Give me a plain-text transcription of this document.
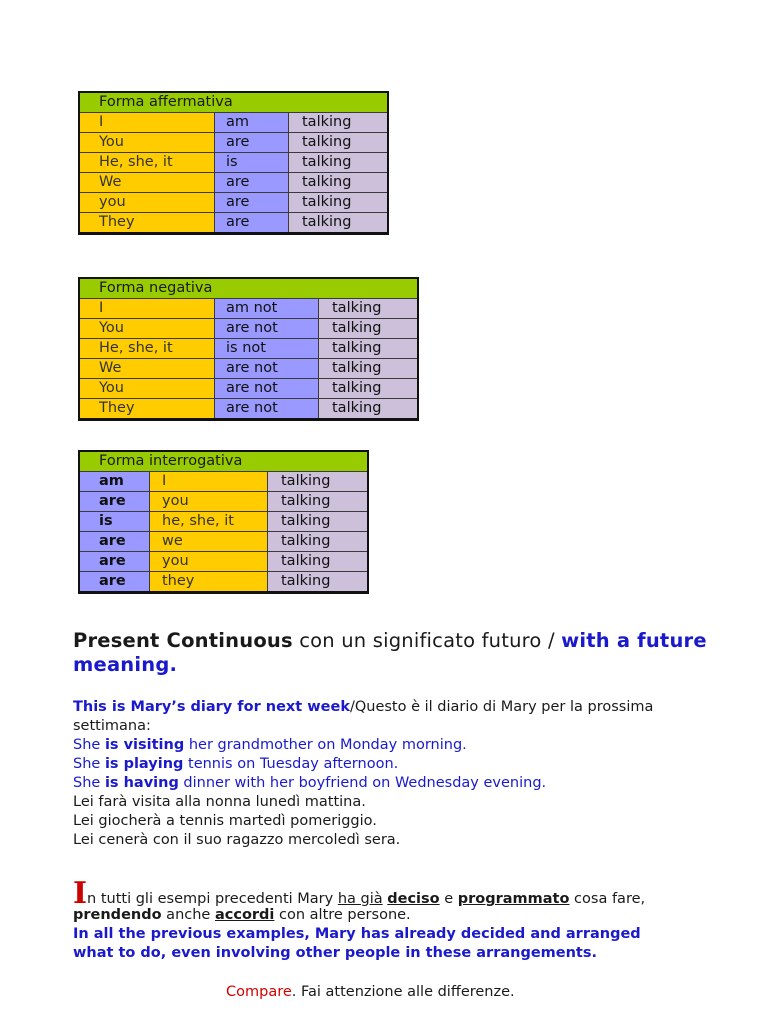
Forma affermativa		
I	am	talking
You	are	talking
He, she, it	is	talking
We	are	talking
you	are	talking
They	are	talking
Forma negativa		
I	am not	talking
You	are not	talking
He, she, it	is not	talking
We	are not	talking
You	are not	talking
They	are not	talking
Forma interrogativa		
am	I	talking
are	you	talking
is	he, she, it	talking
are	we	talking
are	you	talking
are	they	talking
Present Continuous con un significato futuro / with a future meaning.
This is Mary’s diary for next week/Questo è il diario di Mary per la prossima settimana:
She is visiting her grandmother on Monday morning.
She is playing tennis on Tuesday afternoon.
She is having dinner with her boyfriend on Wednesday evening.
Lei farà visita alla nonna lunedì mattina.
Lei giocherà a tennis martedì pomeriggio.
Lei cenerà con il suo ragazzo mercoledì sera.
In tutti gli esempi precedenti Mary ha già deciso e programmato cosa fare,
prendendo anche accordi con altre persone.
In all the previous examples, Mary has already decided and arranged what to do, even involving other people in these arrangements.
Compare. Fai attenzione alle differenze.
